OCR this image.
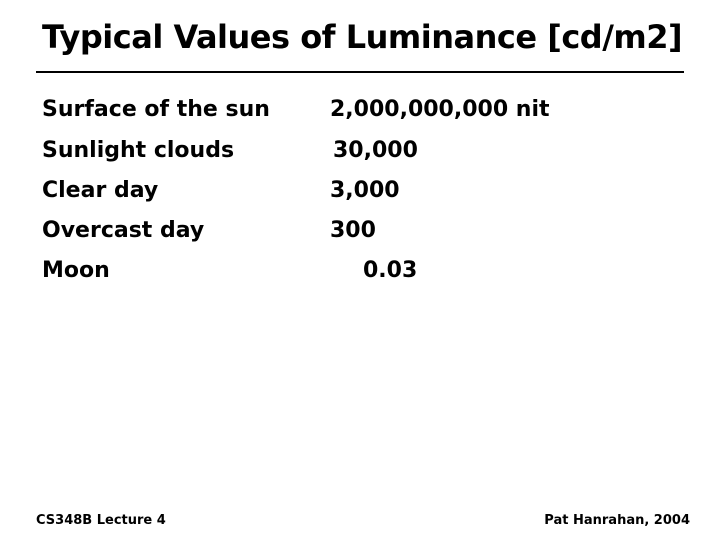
Typical Values of Luminance [cd/m2]
Surface of the sun	2,000,000,000 nit
Sunlight clouds	30,000
Clear day	3,000
Overcast day	300
Moon	0.03
CS348B Lecture 4	Pat Hanrahan, 2004
